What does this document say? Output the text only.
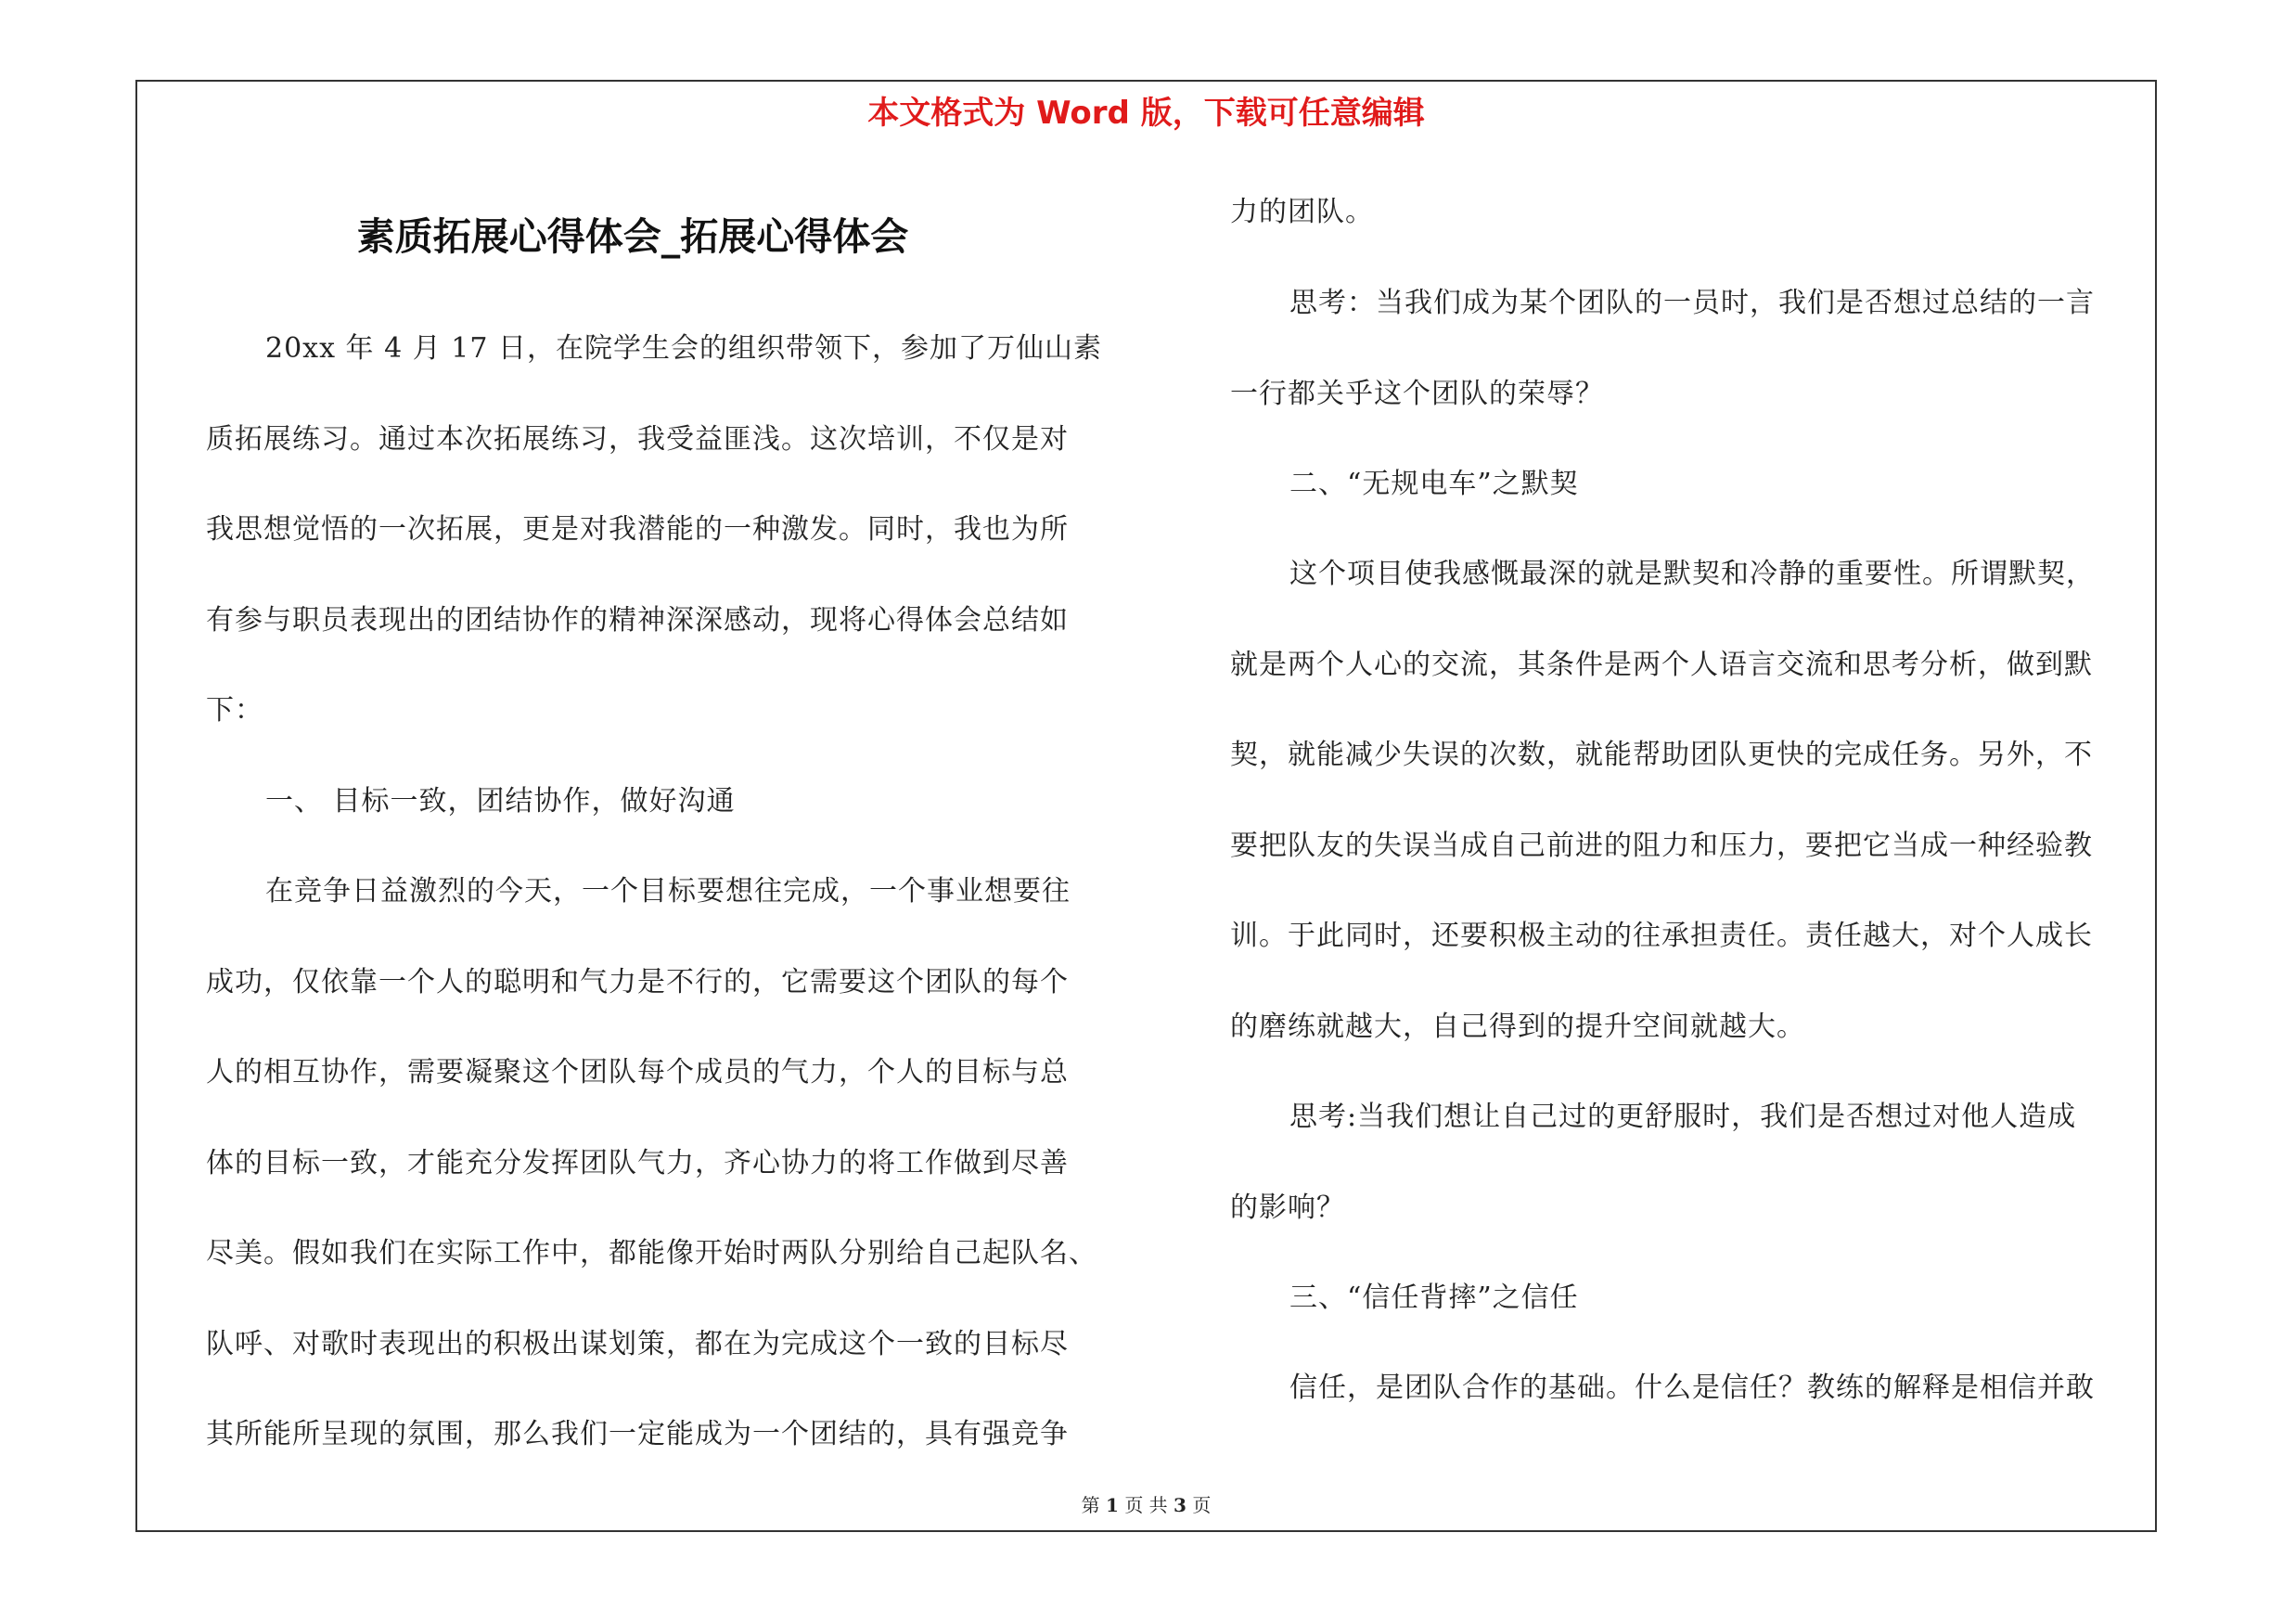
本文格式为 Word 版，下载可任意编辑
素质拓展心得体会_拓展心得体会
20xx 年 4 月 17 日，在院学生会的组织带领下，参加了万仙山素
质拓展练习。通过本次拓展练习，我受益匪浅。这次培训，不仅是对
我思想觉悟的一次拓展，更是对我潜能的一种激发。同时，我也为所
有参与职员表现出的团结协作的精神深深感动，现将心得体会总结如
下：
一、 目标一致，团结协作，做好沟通
在竞争日益激烈的今天，一个目标要想往完成，一个事业想要往
成功，仅依靠一个人的聪明和气力是不行的，它需要这个团队的每个
人的相互协作，需要凝聚这个团队每个成员的气力，个人的目标与总
体的目标一致，才能充分发挥团队气力，齐心协力的将工作做到尽善
尽美。假如我们在实际工作中，都能像开始时两队分别给自己起队名、
队呼、对歌时表现出的积极出谋划策，都在为完成这个一致的目标尽
其所能所呈现的氛围，那么我们一定能成为一个团结的，具有强竞争
力的团队。
思考：当我们成为某个团队的一员时，我们是否想过总结的一言
一行都关乎这个团队的荣辱？
二、“无规电车”之默契
这个项目使我感慨最深的就是默契和冷静的重要性。所谓默契，
就是两个人心的交流，其条件是两个人语言交流和思考分析，做到默
契，就能减少失误的次数，就能帮助团队更快的完成任务。另外，不
要把队友的失误当成自己前进的阻力和压力，要把它当成一种经验教
训。于此同时，还要积极主动的往承担责任。责任越大，对个人成长
的磨练就越大，自己得到的提升空间就越大。
思考:当我们想让自己过的更舒服时，我们是否想过对他人造成
的影响？
三、“信任背摔”之信任
信任，是团队合作的基础。什么是信任？教练的解释是相信并敢
第 1 页 共 3 页
